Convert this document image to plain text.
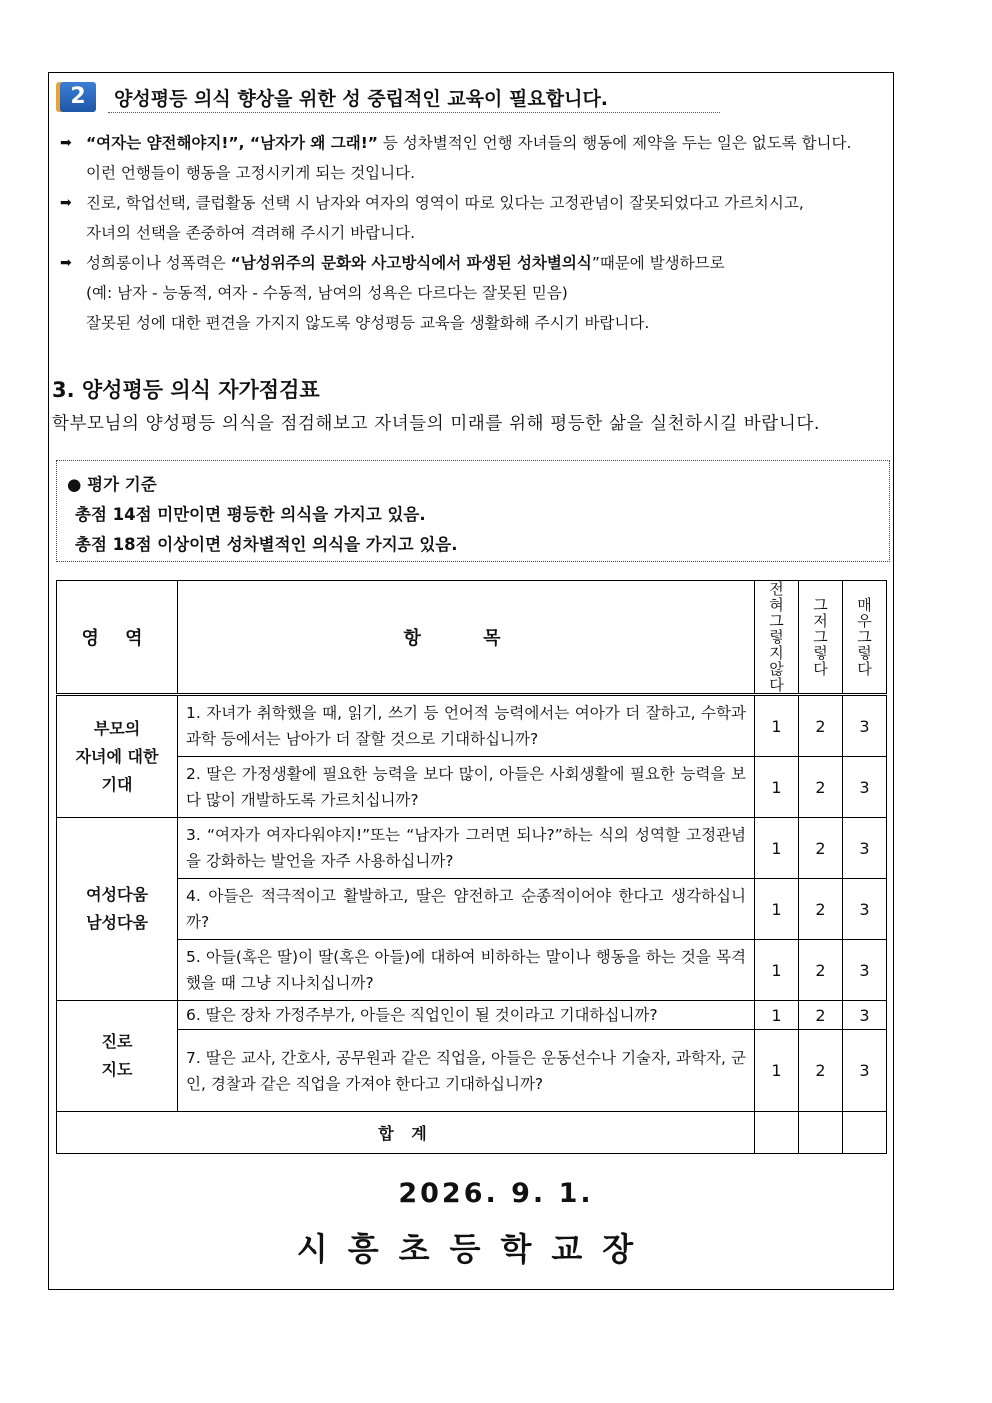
2	양성평등 의식 향상을 위한 성 중립적인 교육이 필요합니다.

➡ “여자는 얌전해야지!”, “남자가 왜 그래!” 등 성차별적인 언행 자녀들의 행동에 제약을 두는 일은 없도록 합니다.

이런 언행들이 행동을 고정시키게 되는 것입니다.

➡ 진로, 학업선택, 클럽활동 선택 시 남자와 여자의 영역이 따로 있다는 고정관념이 잘못되었다고 가르치시고,

자녀의 선택을 존중하여 격려해 주시기 바랍니다.

➡ 성희롱이나 성폭력은 “남성위주의 문화와 사고방식에서 파생된 성차별의식”때문에 발생하므로

(예: 남자 - 능동적, 여자 - 수동적, 남여의 성욕은 다르다는 잘못된 믿음)

잘못된 성에 대한 편견을 가지지 않도록 양성평등 교육을 생활화해 주시기 바랍니다.

3. 양성평등 의식 자가점검표
학부모님의 양성평등 의식을 점검해보고 자녀들의 미래를 위해 평등한 삶을 실천하시길 바랍니다.
● 평가 기준
총점 14점 미만이면 평등한 의식을 가지고 있음.
총점 18점 이상이면 성차별적인 의식을 가지고 있음.
영 역	항 목	전혀그렇지않다	그저그렇다	매우그렇다

부모의
자녀에 대한
기대	1. 자녀가 취학했을 때, 읽기, 쓰기 등 언어적 능력에서는 여아가 더 잘하고, 수학과 과학 등에서는 남아가 더 잘할 것으로 기대하십니까?	1	2	3
	2. 딸은 가정생활에 필요한 능력을 보다 많이, 아들은 사회생활에 필요한 능력을 보다 많이 개발하도록 가르치십니까?	1	2	3

여성다움
남성다움	3. “여자가 여자다워야지!”또는 “남자가 그러면 되나?”하는 식의 성역할 고정관념을 강화하는 발언을 자주 사용하십니까?	1	2	3
	4. 아들은 적극적이고 활발하고, 딸은 얌전하고 순종적이어야 한다고 생각하십니까?	1	2	3
	5. 아들(혹은 딸)이 딸(혹은 아들)에 대하여 비하하는 말이나 행동을 하는 것을 목격했을 때 그냥 지나치십니까?	1	2	3

진로
지도	6. 딸은 장차 가정주부가, 아들은 직업인이 될 것이라고 기대하십니까?	1	2	3
	7. 딸은 교사, 간호사, 공무원과 같은 직업을, 아들은 운동선수나 기술자, 과학자, 군인, 경찰과 같은 직업을 가져야 한다고 기대하십니까?	1	2	3
합 계				
2026. 9. 1.
시흥초등학교장
